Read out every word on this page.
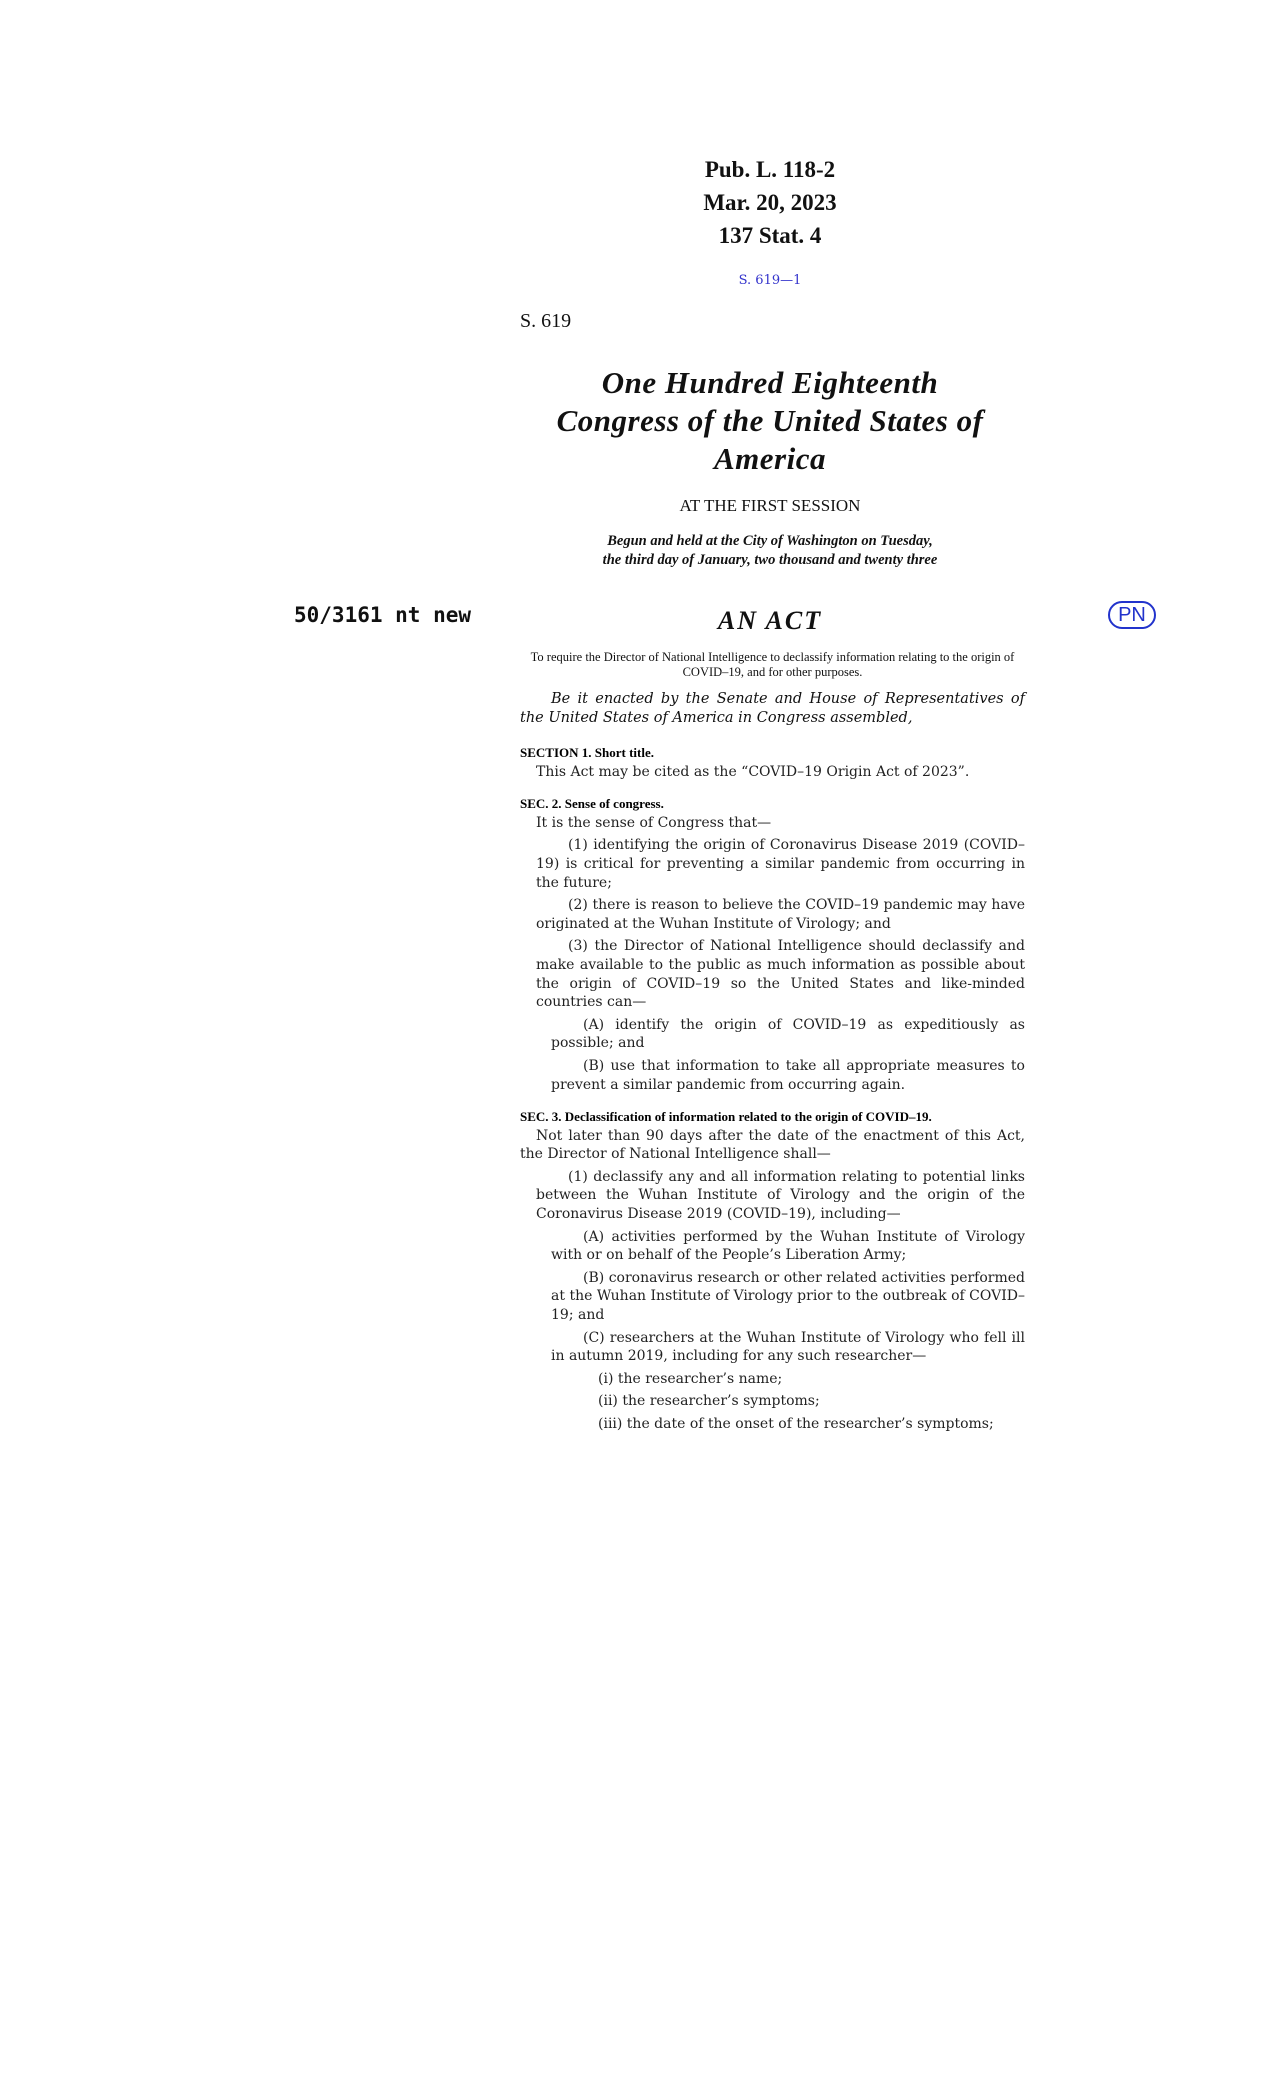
Pub. L. 118-2
Mar. 20, 2023
137 Stat. 4
S. 619—1
S. 619
One Hundred Eighteenth
Congress of the United States of
America
AT THE FIRST SESSION
Begun and held at the City of Washington on Tuesday,
the third day of January, two thousand and twenty three
50/3161 nt new	PN
AN ACT
To require the Director of National Intelligence to declassify information relating to the origin of COVID–19, and for other purposes.
Be it enacted by the Senate and House of Representatives of the United States of America in Congress assembled,

SECTION 1. Short title.

This Act may be cited as the “COVID–19 Origin Act of 2023”.

SEC. 2. Sense of congress.

It is the sense of Congress that—

(1) identifying the origin of Coronavirus Disease 2019 (COVID–19) is critical for preventing a similar pandemic from occurring in the future;

(2) there is reason to believe the COVID–19 pandemic may have originated at the Wuhan Institute of Virology; and

(3) the Director of National Intelligence should declassify and make available to the public as much information as possible about the origin of COVID–19 so the United States and like-minded countries can—

(A) identify the origin of COVID–19 as expeditiously as possible; and

(B) use that information to take all appropriate measures to prevent a similar pandemic from occurring again.

SEC. 3. Declassification of information related to the origin of COVID–19.

Not later than 90 days after the date of the enactment of this Act, the Director of National Intelligence shall—

(1) declassify any and all information relating to potential links between the Wuhan Institute of Virology and the origin of the Coronavirus Disease 2019 (COVID–19), including—

(A) activities performed by the Wuhan Institute of Virology with or on behalf of the People’s Liberation Army;

(B) coronavirus research or other related activities performed at the Wuhan Institute of Virology prior to the outbreak of COVID–19; and

(C) researchers at the Wuhan Institute of Virology who fell ill in autumn 2019, including for any such researcher—

(i) the researcher’s name;

(ii) the researcher’s symptoms;

(iii) the date of the onset of the researcher’s symptoms;
